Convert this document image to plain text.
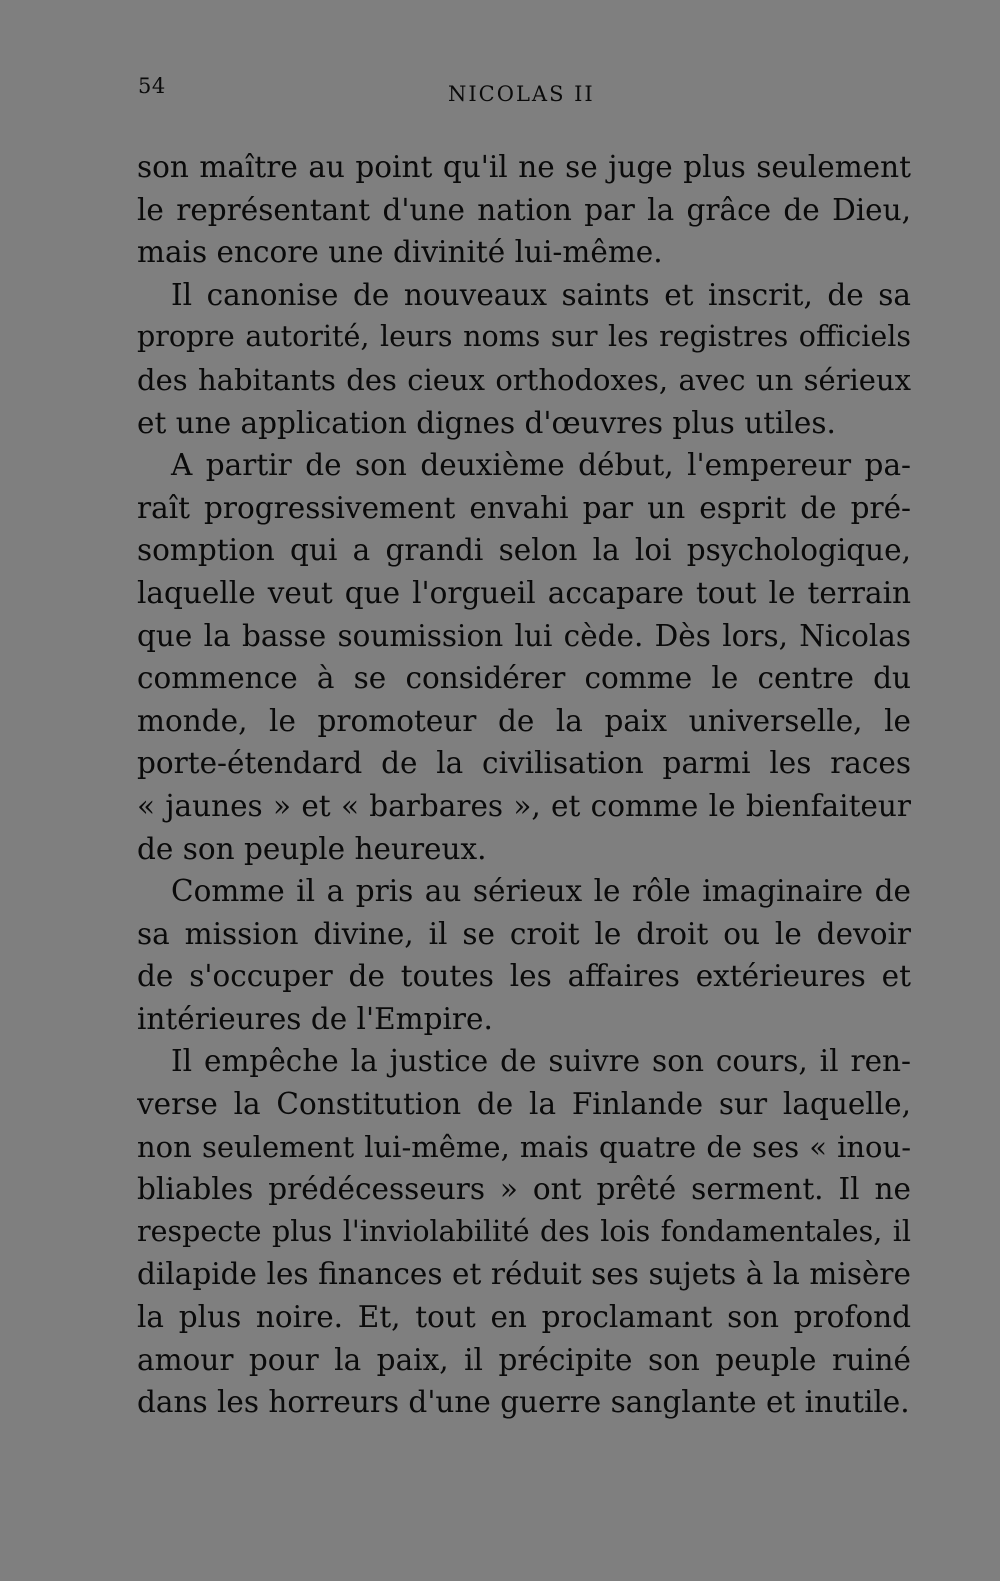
54	NICOLAS II
son maître au point qu'il ne se juge plus seulement
le représentant d'une nation par la grâce de Dieu,
mais encore une divinité lui-même.
Il canonise de nouveaux saints et inscrit, de sa
propre autorité, leurs noms sur les registres officiels
des habitants des cieux orthodoxes, avec un sérieux
et une application dignes d'œuvres plus utiles.
A partir de son deuxième début, l'empereur pa-
raît progressivement envahi par un esprit de pré-
somption qui a grandi selon la loi psychologique,
laquelle veut que l'orgueil accapare tout le terrain
que la basse soumission lui cède. Dès lors, Nicolas
commence à se considérer comme le centre du
monde, le promoteur de la paix universelle, le
porte-étendard de la civilisation parmi les races
« jaunes » et « barbares », et comme le bienfaiteur
de son peuple heureux.
Comme il a pris au sérieux le rôle imaginaire de
sa mission divine, il se croit le droit ou le devoir
de s'occuper de toutes les affaires extérieures et
intérieures de l'Empire.
Il empêche la justice de suivre son cours, il ren-
verse la Constitution de la Finlande sur laquelle,
non seulement lui-même, mais quatre de ses « inou-
bliables prédécesseurs » ont prêté serment. Il ne
respecte plus l'inviolabilité des lois fondamentales, il
dilapide les finances et réduit ses sujets à la misère
la plus noire. Et, tout en proclamant son profond
amour pour la paix, il précipite son peuple ruiné
dans les horreurs d'une guerre sanglante et inutile.
